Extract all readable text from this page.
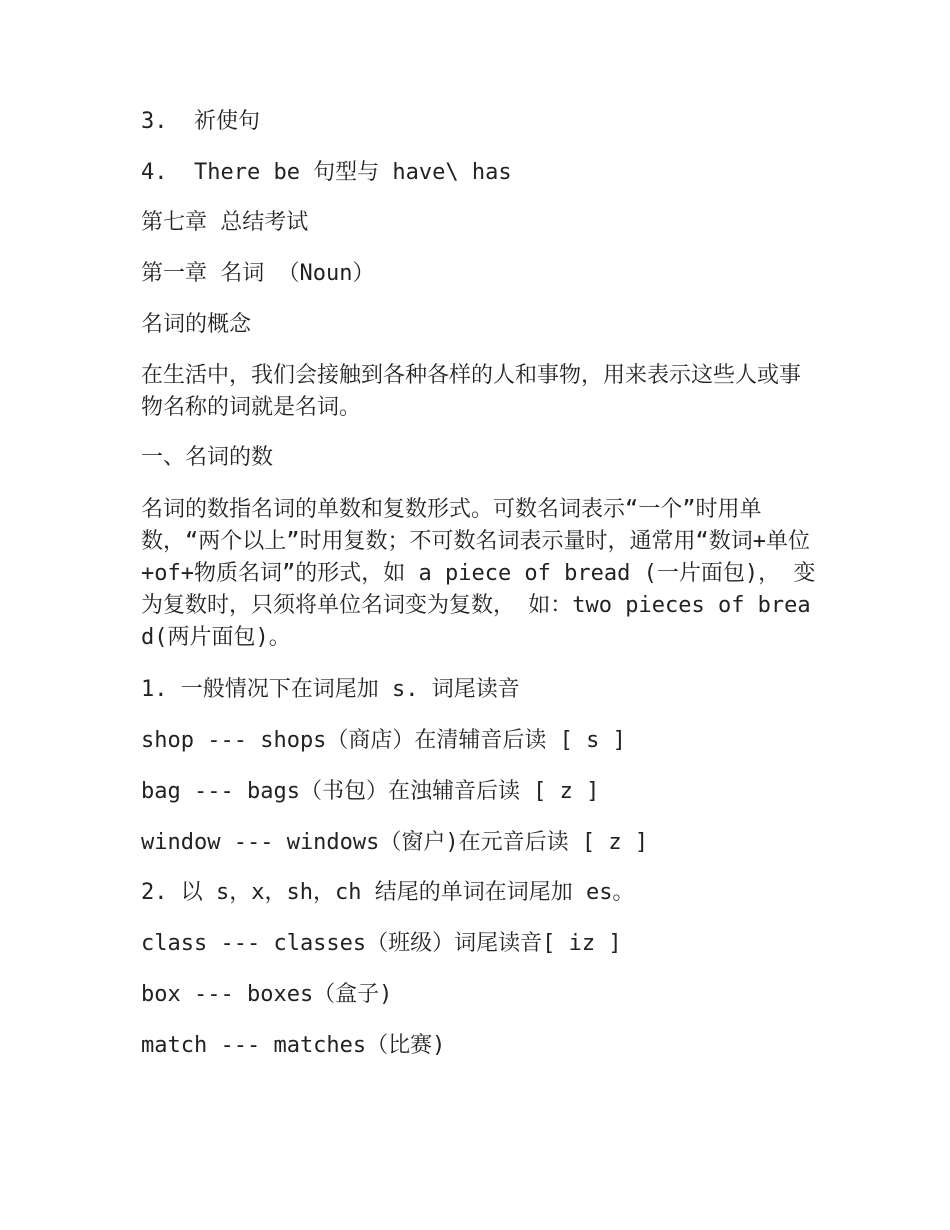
3.  祈使句

4.  There be 句型与 have\ has

第七章 总结考试

第一章 名词 （Noun）

名词的概念

在生活中，我们会接触到各种各样的人和事物，用来表示这些人或事物名称的词就是名词。

一、名词的数

名词的数指名词的单数和复数形式。可数名词表示“一个”时用单数，“两个以上”时用复数；不可数名词表示量时，通常用“数词+单位+of+物质名词”的形式，如 a piece of bread (一片面包)， 变为复数时，只须将单位名词变为复数， 如：two pieces of bread(两片面包)。

1. 一般情况下在词尾加 s. 词尾读音

shop --- shops（商店）在清辅音后读 [ s ]

bag --- bags（书包）在浊辅音后读 [ z ]

window --- windows（窗户)在元音后读 [ z ]

2. 以 s，x，sh，ch 结尾的单词在词尾加 es。

class --- classes（班级）词尾读音[ iz ]

box --- boxes（盒子)

match --- matches（比赛)
